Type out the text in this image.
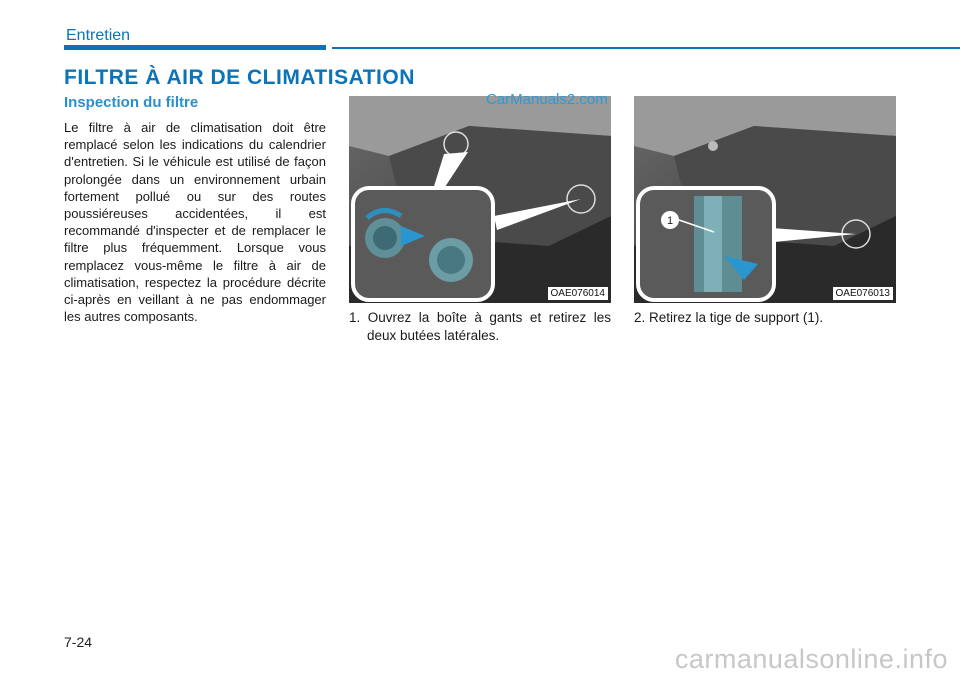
Entretien
FILTRE À AIR DE CLIMATISATION
Inspection du filtre
Le filtre à air de climatisation doit être remplacé selon les indications du calendrier d'entretien. Si le véhicule est utilisé de façon prolongée dans un environnement urbain fortement pollué ou sur des routes poussiéreuses accidentées, il est recommandé d'inspecter et de remplacer le filtre plus fréquemment. Lorsque vous remplacez vous-même le filtre à air de climatisation, respectez la procédure décrite ci-après en veillant à ne pas endommager les autres composants.
OAE076014
1
OAE076013
1. Ouvrez la boîte à gants et retirez les deux butées latérales.
2. Retirez la tige de support (1).
CarManuals2.com
7-24
carmanualsonline.info
